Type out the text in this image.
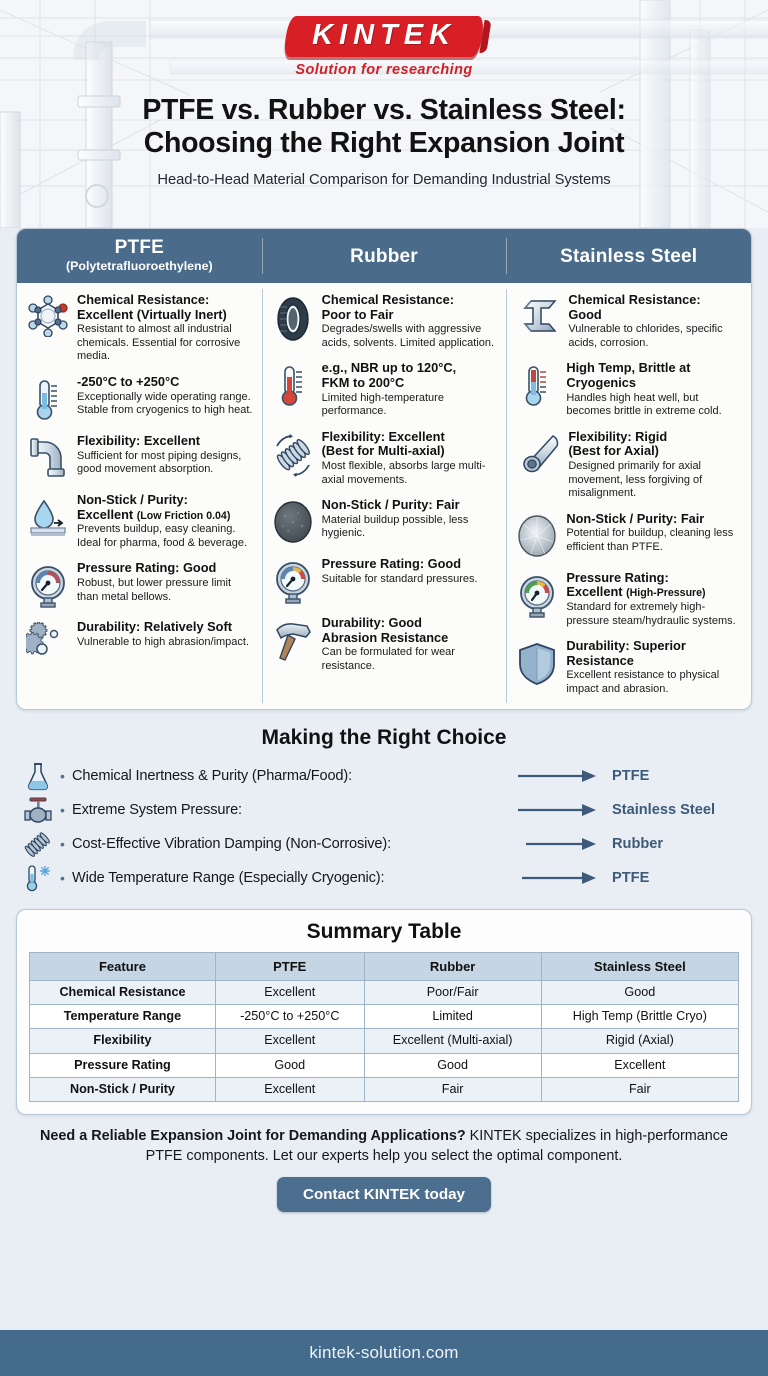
KINTEK
Solution for researching
PTFE vs. Rubber vs. Stainless Steel:
Choosing the Right Expansion Joint
Head-to-Head Material Comparison for Demanding Industrial Systems
PTFE
(Polytetrafluoroethylene)	Rubber	Stainless Steel
Chemical Resistance:
Excellent (Virtually Inert)
Resistant to almost all industrial chemicals. Essential for corrosive media.
-250°C to +250°C
Exceptionally wide operating range. Stable from cryogenics to high heat.
Flexibility: Excellent
Sufficient for most piping designs, good movement absorption.
Non-Stick / Purity:
Excellent (Low Friction 0.04)
Prevents buildup, easy cleaning. Ideal for pharma, food & beverage.
Pressure Rating: Good
Robust, but lower pressure limit than metal bellows.
Durability: Relatively Soft
Vulnerable to high abrasion/impact.
Chemical Resistance:
Poor to Fair
Degrades/swells with aggressive acids, solvents. Limited application.
e.g., NBR up to 120°C,
FKM to 200°C
Limited high-temperature performance.
Flexibility: Excellent
(Best for Multi-axial)
Most flexible, absorbs large multi-axial movements.
Non-Stick / Purity: Fair
Material buildup possible, less hygienic.
Pressure Rating: Good
Suitable for standard pressures.
Durability: Good
Abrasion Resistance
Can be formulated for wear resistance.
Chemical Resistance:
Good
Vulnerable to chlorides, specific acids, corrosion.
High Temp, Brittle at
Cryogenics
Handles high heat well, but becomes brittle in extreme cold.
Flexibility: Rigid
(Best for Axial)
Designed primarily for axial movement, less forgiving of misalignment.
Non-Stick / Purity: Fair
Potential for buildup, cleaning less efficient than PTFE.
Pressure Rating:
Excellent (High-Pressure)
Standard for extremely high-pressure steam/hydraulic systems.
Durability: Superior
Resistance
Excellent resistance to physical impact and abrasion.
Making the Right Choice
• Chemical Inertness & Purity (Pharma/Food):	PTFE
• Extreme System Pressure:	Stainless Steel
• Cost-Effective Vibration Damping (Non-Corrosive):	Rubber
• Wide Temperature Range (Especially Cryogenic):	PTFE
Summary Table
Feature	PTFE	Rubber	Stainless Steel
Chemical Resistance	Excellent	Poor/Fair	Good
Temperature Range	-250°C to +250°C	Limited	High Temp (Brittle Cryo)
Flexibility	Excellent	Excellent (Multi-axial)	Rigid (Axial)
Pressure Rating	Good	Good	Excellent
Non-Stick / Purity	Excellent	Fair	Fair
Need a Reliable Expansion Joint for Demanding Applications? KINTEK specializes in high-performance PTFE components. Let our experts help you select the optimal component.
Contact KINTEK today
kintek-solution.com
